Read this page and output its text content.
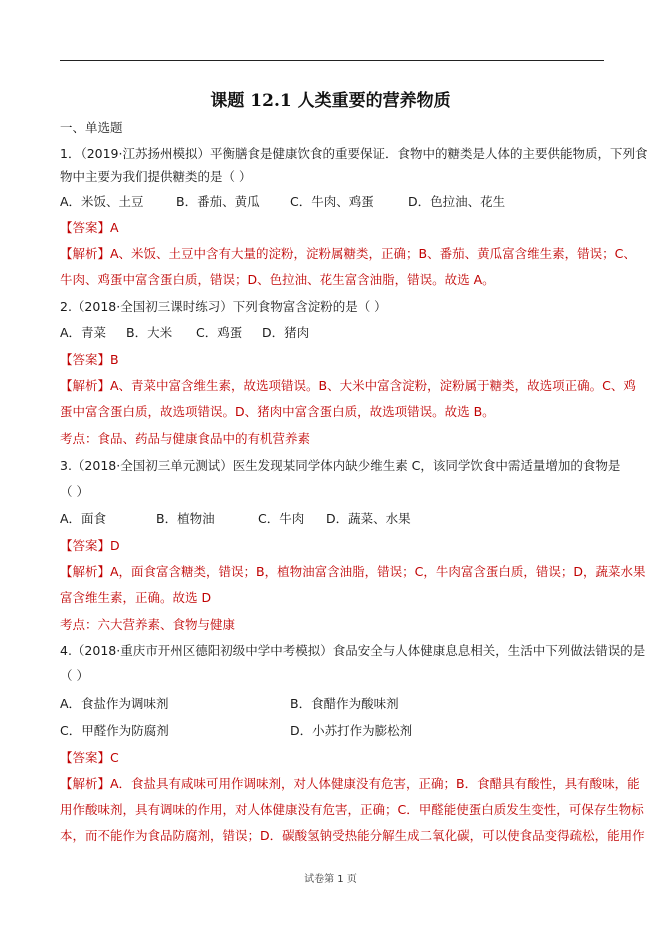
课题 12.1 人类重要的营养物质
一、单选题
1．（2019·江苏扬州模拟）平衡膳食是健康饮食的重要保证．食物中的糖类是人体的主要供能物质，下列食
物中主要为我们提供糖类的是（ ）
A．米饭、土豆	B．番茄、黄瓜 C．牛肉、鸡蛋	D．色拉油、花生
【答案】A
【解析】A、米饭、土豆中含有大量的淀粉，淀粉属糖类，正确；B、番茄、黄瓜富含维生素，错误；C、
牛肉、鸡蛋中富含蛋白质，错误；D、色拉油、花生富含油脂，错误。故选 A。
2.（2018·全国初三课时练习）下列食物富含淀粉的是（ ）
A．青菜 B．大米 C．鸡蛋 D．猪肉
【答案】B
【解析】A、青菜中富含维生素，故选项错误。B、大米中富含淀粉，淀粉属于糖类，故选项正确。C、鸡
蛋中富含蛋白质，故选项错误。D、猪肉中富含蛋白质，故选项错误。故选 B。
考点：食品、药品与健康食品中的有机营养素
3.（2018·全国初三单元测试）医生发现某同学体内缺少维生素 C，该同学饮食中需适量增加的食物是
（ ）
A．面食	B．植物油	C．牛肉 D．蔬菜、水果
【答案】D
【解析】A，面食富含糖类，错误；B，植物油富含油脂，错误；C，牛肉富含蛋白质，错误；D，蔬菜水果
富含维生素，正确。故选 D
考点：六大营养素、食物与健康
4.（2018·重庆市开州区德阳初级中学中考模拟）食品安全与人体健康息息相关，生活中下列做法错误的是
（ ）
A．食盐作为调味剂	B．食醋作为酸味剂
C．甲醛作为防腐剂	D．小苏打作为膨松剂
【答案】C
【解析】A．食盐具有咸味可用作调味剂，对人体健康没有危害，正确；B．食醋具有酸性，具有酸味，能
用作酸味剂，具有调味的作用，对人体健康没有危害，正确；C．甲醛能使蛋白质发生变性，可保存生物标
本，而不能作为食品防腐剂，错误；D．碳酸氢钠受热能分解生成二氧化碳，可以使食品变得疏松，能用作
试卷第 1 页
